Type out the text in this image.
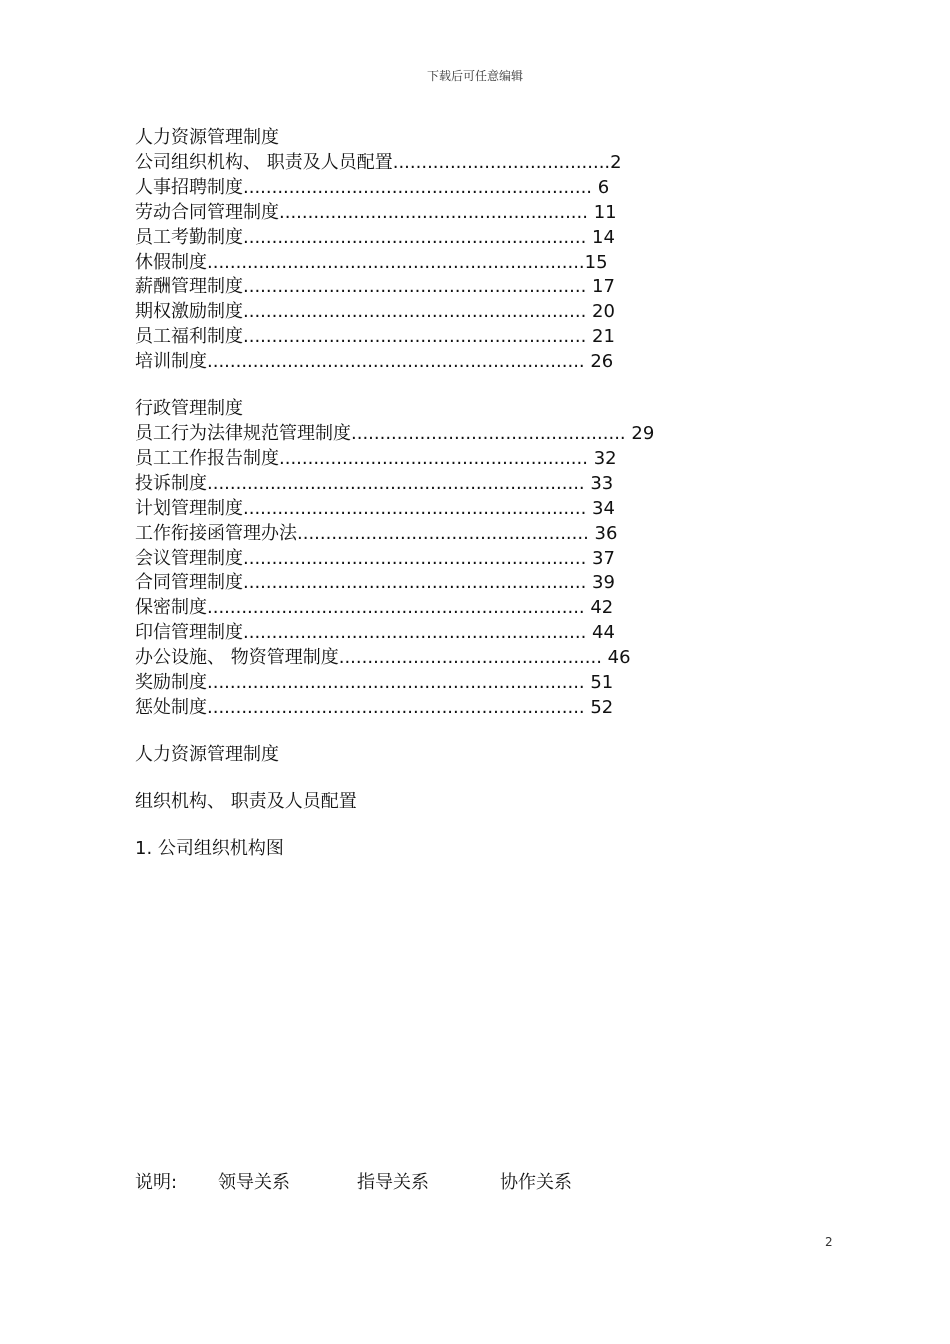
下载后可任意编辑
人力资源管理制度
公司组织机构、 职责及人员配置......................................2
人事招聘制度............................................................. 6
劳动合同管理制度...................................................... 11
员工考勤制度............................................................ 14
休假制度..................................................................15
薪酬管理制度............................................................ 17
期权激励制度............................................................ 20
员工福利制度............................................................ 21
培训制度.................................................................. 26
行政管理制度
员工行为法律规范管理制度................................................ 29
员工工作报告制度...................................................... 32
投诉制度.................................................................. 33
计划管理制度............................................................ 34
工作衔接函管理办法................................................... 36
会议管理制度............................................................ 37
合同管理制度............................................................ 39
保密制度.................................................................. 42
印信管理制度............................................................ 44
办公设施、 物资管理制度.............................................. 46
奖励制度.................................................................. 51
惩处制度.................................................................. 52
人力资源管理制度
组织机构、 职责及人员配置
1. 公司组织机构图
说明: 领导关系	指导关系	协作关系
2
